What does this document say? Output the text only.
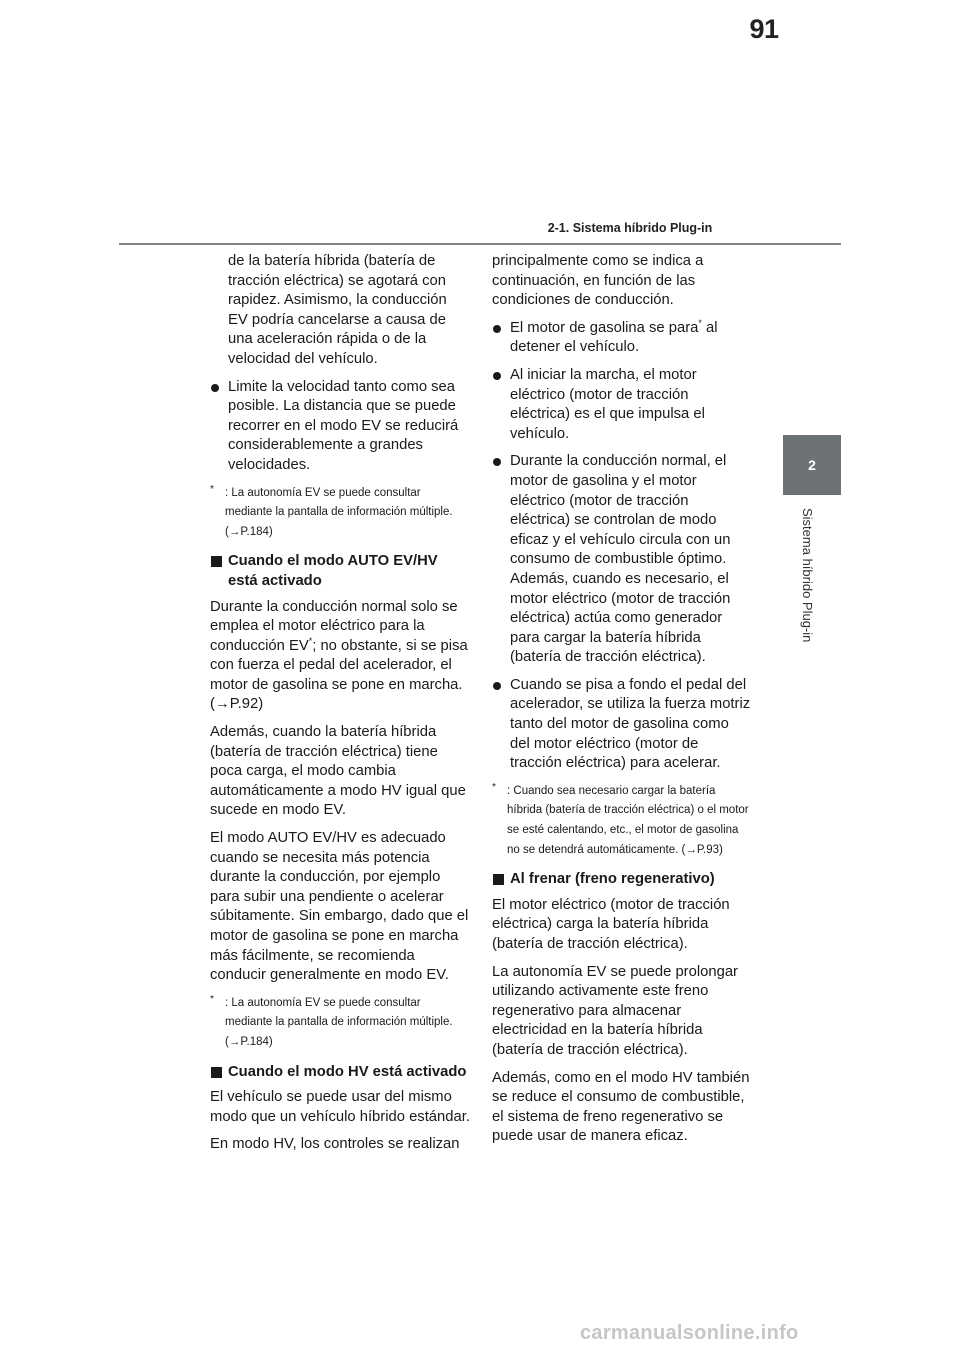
91
2-1. Sistema híbrido Plug-in
2
Sistema híbrido Plug-in

de la batería híbrida (batería de tracción eléctrica) se agotará con rapidez. Asimismo, la conducción EV podría cancelarse a causa de una aceleración rápida o de la velocidad del vehículo.

Limite la velocidad tanto como sea posible. La distancia que se puede recorrer en el modo EV se reducirá considerablemente a grandes velocidades.
* : La autonomía EV se puede consultar mediante la pantalla de información múltiple. (→P.184)
Cuando el modo AUTO EV/HV está activado

Durante la conducción normal solo se emplea el motor eléctrico para la conducción EV*; no obstante, si se pisa con fuerza el pedal del acelerador, el motor de gasolina se pone en marcha. (→P.92)

Además, cuando la batería híbrida (batería de tracción eléctrica) tiene poca carga, el modo cambia automáticamente a modo HV igual que sucede en modo EV.

El modo AUTO EV/HV es adecuado cuando se necesita más potencia durante la conducción, por ejemplo para subir una pendiente o acelerar súbitamente. Sin embargo, dado que el motor de gasolina se pone en marcha más fácilmente, se recomienda conducir generalmente en modo EV.

* : La autonomía EV se puede consultar mediante la pantalla de información múltiple. (→P.184)
Cuando el modo HV está activado

El vehículo se puede usar del mismo modo que un vehículo híbrido estándar.

En modo HV, los controles se realizan

principalmente como se indica a continuación, en función de las condiciones de conducción.

El motor de gasolina se para* al detener el vehículo.
Al iniciar la marcha, el motor eléctrico (motor de tracción eléctrica) es el que impulsa el vehículo.
Durante la conducción normal, el motor de gasolina y el motor eléctrico (motor de tracción eléctrica) se controlan de modo eficaz y el vehículo circula con un consumo de combustible óptimo. Además, cuando es necesario, el motor eléctrico (motor de tracción eléctrica) actúa como generador para cargar la batería híbrida (batería de tracción eléctrica).
Cuando se pisa a fondo el pedal del acelerador, se utiliza la fuerza motriz tanto del motor de gasolina como del motor eléctrico (motor de tracción eléctrica) para acelerar.
* : Cuando sea necesario cargar la batería híbrida (batería de tracción eléctrica) o el motor se esté calentando, etc., el motor de gasolina no se detendrá automáticamente. (→P.93)
Al frenar (freno regenerativo)

El motor eléctrico (motor de tracción eléctrica) carga la batería híbrida (batería de tracción eléctrica).

La autonomía EV se puede prolongar utilizando activamente este freno regenerativo para almacenar electricidad en la batería híbrida (batería de tracción eléctrica).

Además, como en el modo HV también se reduce el consumo de combustible, el sistema de freno regenerativo se puede usar de manera eficaz.

carmanualsonline.info
